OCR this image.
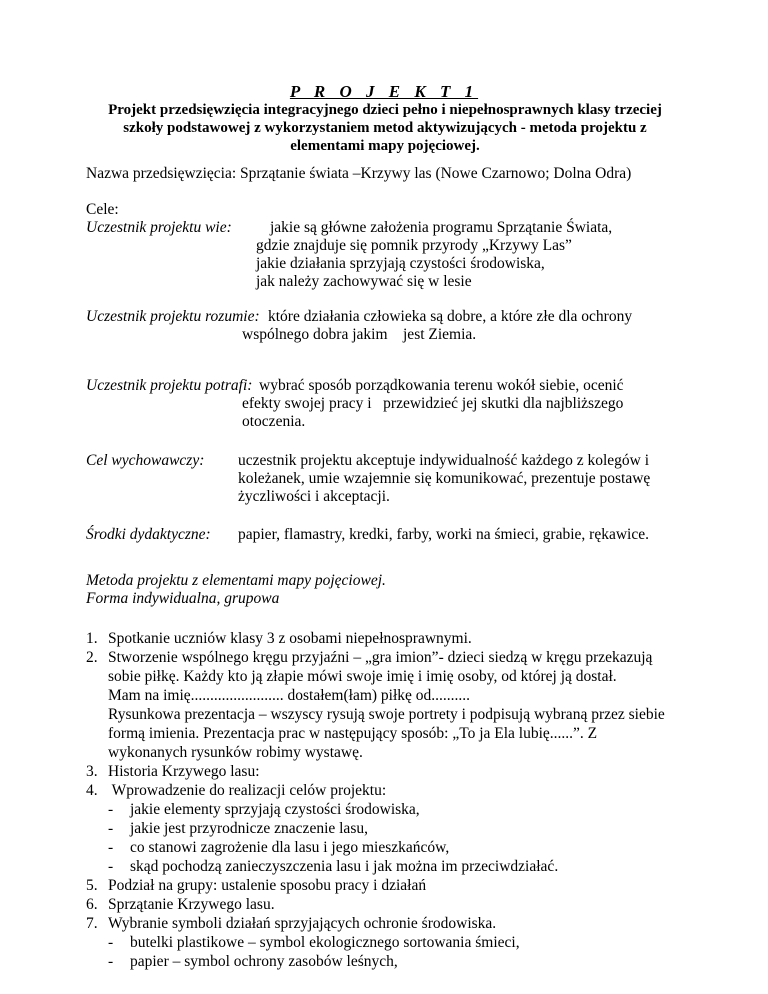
P R O J E K T 1
Projekt przedsięwzięcia integracyjnego dzieci pełno i niepełnosprawnych klasy trzeciej szkoły podstawowej z wykorzystaniem metod aktywizujących - metoda projektu z elementami mapy pojęciowej.
Nazwa przedsięwzięcia: Sprzątanie świata –Krzywy las (Nowe Czarnowo; Dolna Odra)
Cele:
Uczestnik projektu wie: jakie są główne założenia programu Sprzątanie Świata,
gdzie znajduje się pomnik przyrody „Krzywy Las”
jakie działania sprzyjają czystości środowiska,
jak należy zachowywać się w lesie
Uczestnik projektu rozumie: które działania człowieka są dobre, a które złe dla ochrony
wspólnego dobra jakim    jest Ziemia.
Uczestnik projektu potrafi: wybrać sposób porządkowania terenu wokół siebie, ocenić
efekty swojej pracy i   przewidzieć jej skutki dla najbliższego
otoczenia.
Cel wychowawczy: uczestnik projektu akceptuje indywidualność każdego z kolegów i
koleżanek, umie wzajemnie się komunikować, prezentuje postawę
życzliwości i akceptacji.
Środki dydaktyczne: papier, flamastry, kredki, farby, worki na śmieci, grabie, rękawice.
Metoda projektu z elementami mapy pojęciowej.
Forma indywidualna, grupowa
1. Spotkanie uczniów klasy 3 z osobami niepełnosprawnymi.
2. Stworzenie wspólnego kręgu przyjaźni – „gra imion”- dzieci siedzą w kręgu przekazują
sobie piłkę. Każdy kto ją złapie mówi swoje imię i imię osoby, od której ją dostał.
Mam na imię........................ dostałem(łam) piłkę od..........
Rysunkowa prezentacja – wszyscy rysują swoje portrety i podpisują wybraną przez siebie
formą imienia. Prezentacja prac w następujący sposób: „To ja Ela lubię......”. Z
wykonanych rysunków robimy wystawę.
3. Historia Krzywego lasu:
4. Wprowadzenie do realizacji celów projektu:
- jakie elementy sprzyjają czystości środowiska,
- jakie jest przyrodnicze znaczenie lasu,
- co stanowi zagrożenie dla lasu i jego mieszkańców,
- skąd pochodzą zanieczyszczenia lasu i jak można im przeciwdziałać.
5. Podział na grupy: ustalenie sposobu pracy i działań
6. Sprzątanie Krzywego lasu.
7. Wybranie symboli działań sprzyjających ochronie środowiska.
- butelki plastikowe – symbol ekologicznego sortowania śmieci,
- papier – symbol ochrony zasobów leśnych,
